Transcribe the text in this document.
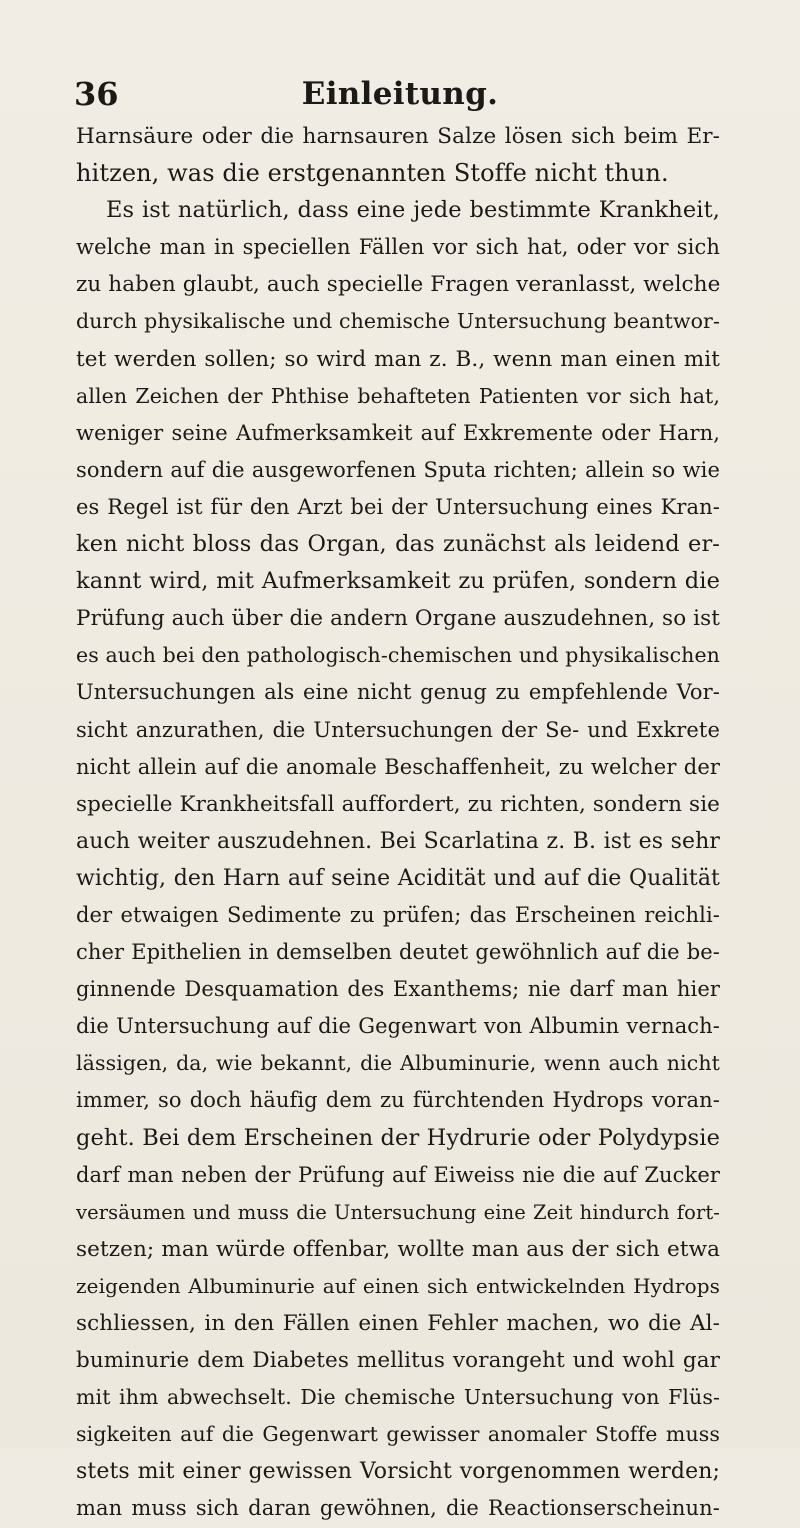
36	Einleitung.
Harnsäure oder die harnsauren Salze lösen sich beim Er-
hitzen, was die erstgenannten Stoffe nicht thun.
Es ist natürlich, dass eine jede bestimmte Krankheit,
welche man in speciellen Fällen vor sich hat, oder vor sich
zu haben glaubt, auch specielle Fragen veranlasst, welche
durch physikalische und chemische Untersuchung beantwor-
tet werden sollen; so wird man z. B., wenn man einen mit
allen Zeichen der Phthise behafteten Patienten vor sich hat,
weniger seine Aufmerksamkeit auf Exkremente oder Harn,
sondern auf die ausgeworfenen Sputa richten; allein so wie
es Regel ist für den Arzt bei der Untersuchung eines Kran-
ken nicht bloss das Organ, das zunächst als leidend er-
kannt wird, mit Aufmerksamkeit zu prüfen, sondern die
Prüfung auch über die andern Organe auszudehnen, so ist
es auch bei den pathologisch-chemischen und physikalischen
Untersuchungen als eine nicht genug zu empfehlende Vor-
sicht anzurathen, die Untersuchungen der Se- und Exkrete
nicht allein auf die anomale Beschaffenheit, zu welcher der
specielle Krankheitsfall auffordert, zu richten, sondern sie
auch weiter auszudehnen. Bei Scarlatina z. B. ist es sehr
wichtig, den Harn auf seine Acidität und auf die Qualität
der etwaigen Sedimente zu prüfen; das Erscheinen reichli-
cher Epithelien in demselben deutet gewöhnlich auf die be-
ginnende Desquamation des Exanthems; nie darf man hier
die Untersuchung auf die Gegenwart von Albumin vernach-
lässigen, da, wie bekannt, die Albuminurie, wenn auch nicht
immer, so doch häufig dem zu fürchtenden Hydrops voran-
geht. Bei dem Erscheinen der Hydrurie oder Polydypsie
darf man neben der Prüfung auf Eiweiss nie die auf Zucker
versäumen und muss die Untersuchung eine Zeit hindurch fort-
setzen; man würde offenbar, wollte man aus der sich etwa
zeigenden Albuminurie auf einen sich entwickelnden Hydrops
schliessen, in den Fällen einen Fehler machen, wo die Al-
buminurie dem Diabetes mellitus vorangeht und wohl gar
mit ihm abwechselt. Die chemische Untersuchung von Flüs-
sigkeiten auf die Gegenwart gewisser anomaler Stoffe muss
stets mit einer gewissen Vorsicht vorgenommen werden;
man muss sich daran gewöhnen, die Reactionserscheinun-
